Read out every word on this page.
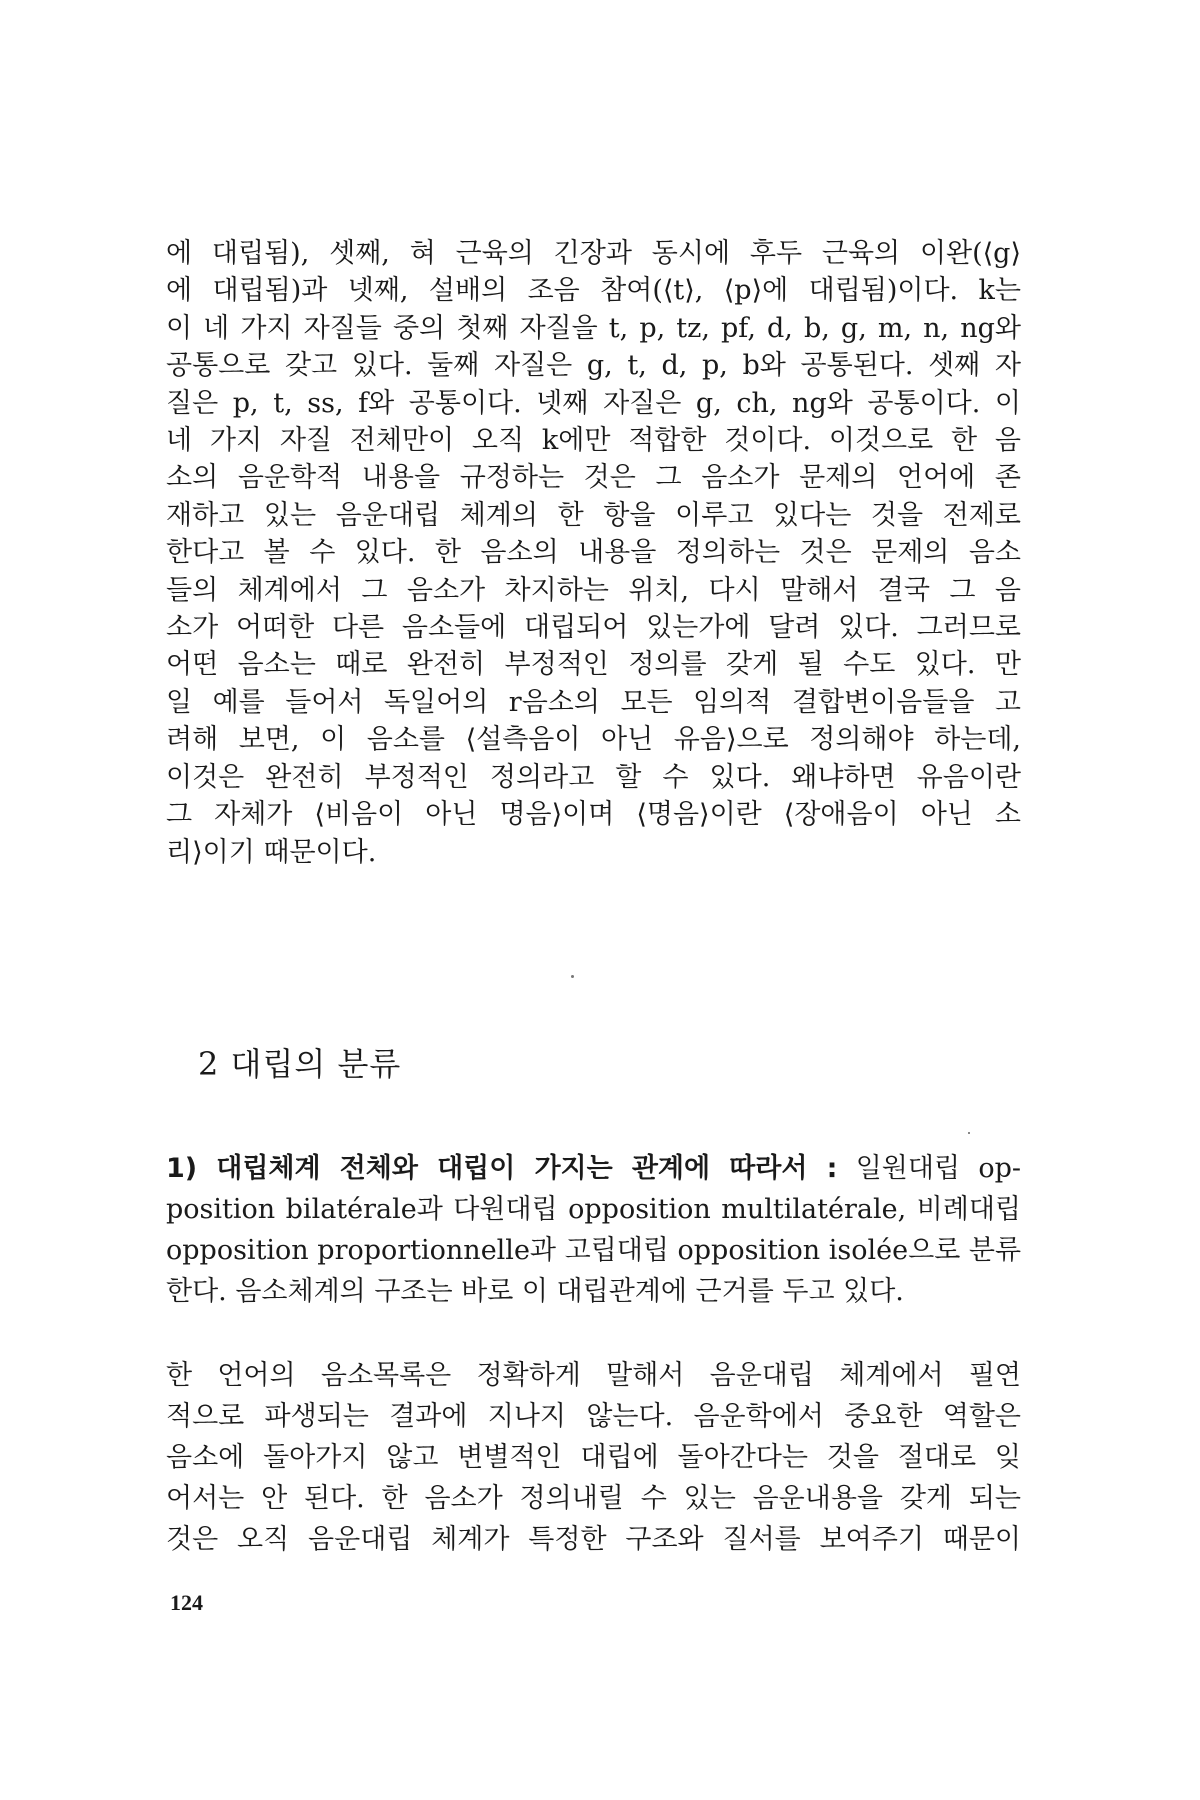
에 대립됨), 셋째, 혀 근육의 긴장과 동시에 후두 근육의 이완(⟨g⟩
에 대립됨)과 넷째, 설배의 조음 참여(⟨t⟩, ⟨p⟩에 대립됨)이다. k는
이 네 가지 자질들 중의 첫째 자질을 t, p, tz, pf, d, b, g, m, n, ng와
공통으로 갖고 있다. 둘째 자질은 g, t, d, p, b와 공통된다. 셋째 자
질은 p, t, ss, f와 공통이다. 넷째 자질은 g, ch, ng와 공통이다. 이
네 가지 자질 전체만이 오직 k에만 적합한 것이다. 이것으로 한 음
소의 음운학적 내용을 규정하는 것은 그 음소가 문제의 언어에 존
재하고 있는 음운대립 체계의 한 항을 이루고 있다는 것을 전제로
한다고 볼 수 있다. 한 음소의 내용을 정의하는 것은 문제의 음소
들의 체계에서 그 음소가 차지하는 위치, 다시 말해서 결국 그 음
소가 어떠한 다른 음소들에 대립되어 있는가에 달려 있다. 그러므로
어떤 음소는 때로 완전히 부정적인 정의를 갖게 될 수도 있다. 만
일 예를 들어서 독일어의 r음소의 모든 임의적 결합변이음들을 고
려해 보면, 이 음소를 ⟨설측음이 아닌 유음⟩으로 정의해야 하는데,
이것은 완전히 부정적인 정의라고 할 수 있다. 왜냐하면 유음이란
그 자체가 ⟨비음이 아닌 명음⟩이며 ⟨명음⟩이란 ⟨장애음이 아닌 소
리⟩이기 때문이다.
2 대립의 분류
1) 대립체계 전체와 대립이 가지는 관계에 따라서 : 일원대립 op-
position bilatérale과 다원대립 opposition multilatérale, 비례대립
opposition proportionnelle과 고립대립 opposition isolée으로 분류
한다. 음소체계의 구조는 바로 이 대립관계에 근거를 두고 있다.
한 언어의 음소목록은 정확하게 말해서 음운대립 체계에서 필연
적으로 파생되는 결과에 지나지 않는다. 음운학에서 중요한 역할은
음소에 돌아가지 않고 변별적인 대립에 돌아간다는 것을 절대로 잊
어서는 안 된다. 한 음소가 정의내릴 수 있는 음운내용을 갖게 되는
것은 오직 음운대립 체계가 특정한 구조와 질서를 보여주기 때문이
124
